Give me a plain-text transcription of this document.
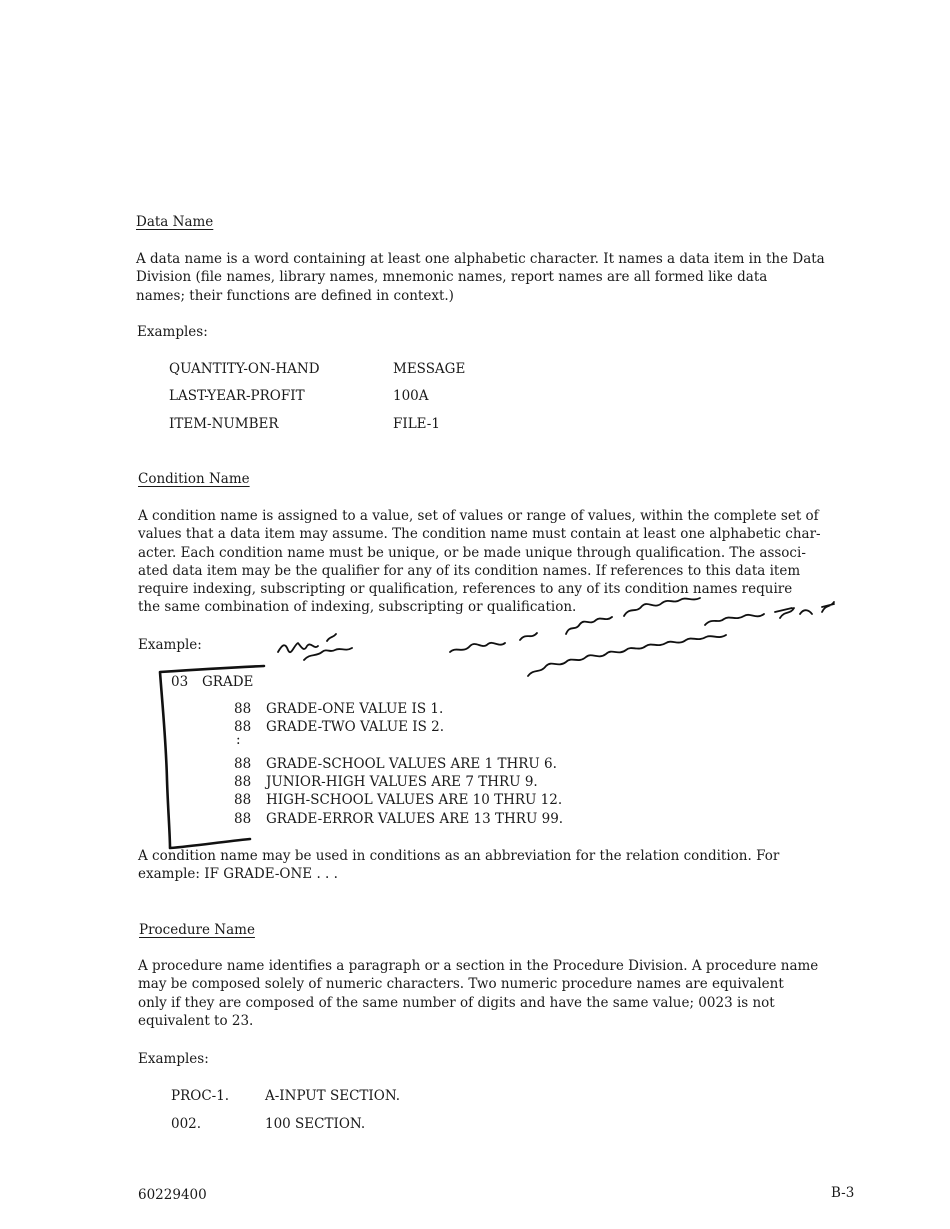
Data Name
A data name is a word containing at least one alphabetic character. It names a data item in the Data
Division (file names, library names, mnemonic names, report names are all formed like data
names; their functions are defined in context.)
Examples:
QUANTITY-ON-HAND	MESSAGE
LAST-YEAR-PROFIT	100A
ITEM-NUMBER	FILE-1
Condition Name
A condition name is assigned to a value, set of values or range of values, within the complete set of
values that a data item may assume. The condition name must contain at least one alphabetic char-
acter. Each condition name must be unique, or be made unique through qualification. The associ-
ated data item may be the qualifier for any of its condition names. If references to this data item
require indexing, subscripting or qualification, references to any of its condition names require
the same combination of indexing, subscripting or qualification.
Example:
03 GRADE
88 GRADE-ONE VALUE IS 1.
88 GRADE-TWO VALUE IS 2.
:
88 GRADE-SCHOOL VALUES ARE 1 THRU 6.
88 JUNIOR-HIGH VALUES ARE 7 THRU 9.
88 HIGH-SCHOOL VALUES ARE 10 THRU 12.
88 GRADE-ERROR VALUES ARE 13 THRU 99.
A condition name may be used in conditions as an abbreviation for the relation condition. For
example: IF GRADE-ONE . . .
Procedure Name
A procedure name identifies a paragraph or a section in the Procedure Division. A procedure name
may be composed solely of numeric characters. Two numeric procedure names are equivalent
only if they are composed of the same number of digits and have the same value; 0023 is not
equivalent to 23.
Examples:
PROC-1.	A-INPUT SECTION.
002.	100 SECTION.
60229400	B-3
